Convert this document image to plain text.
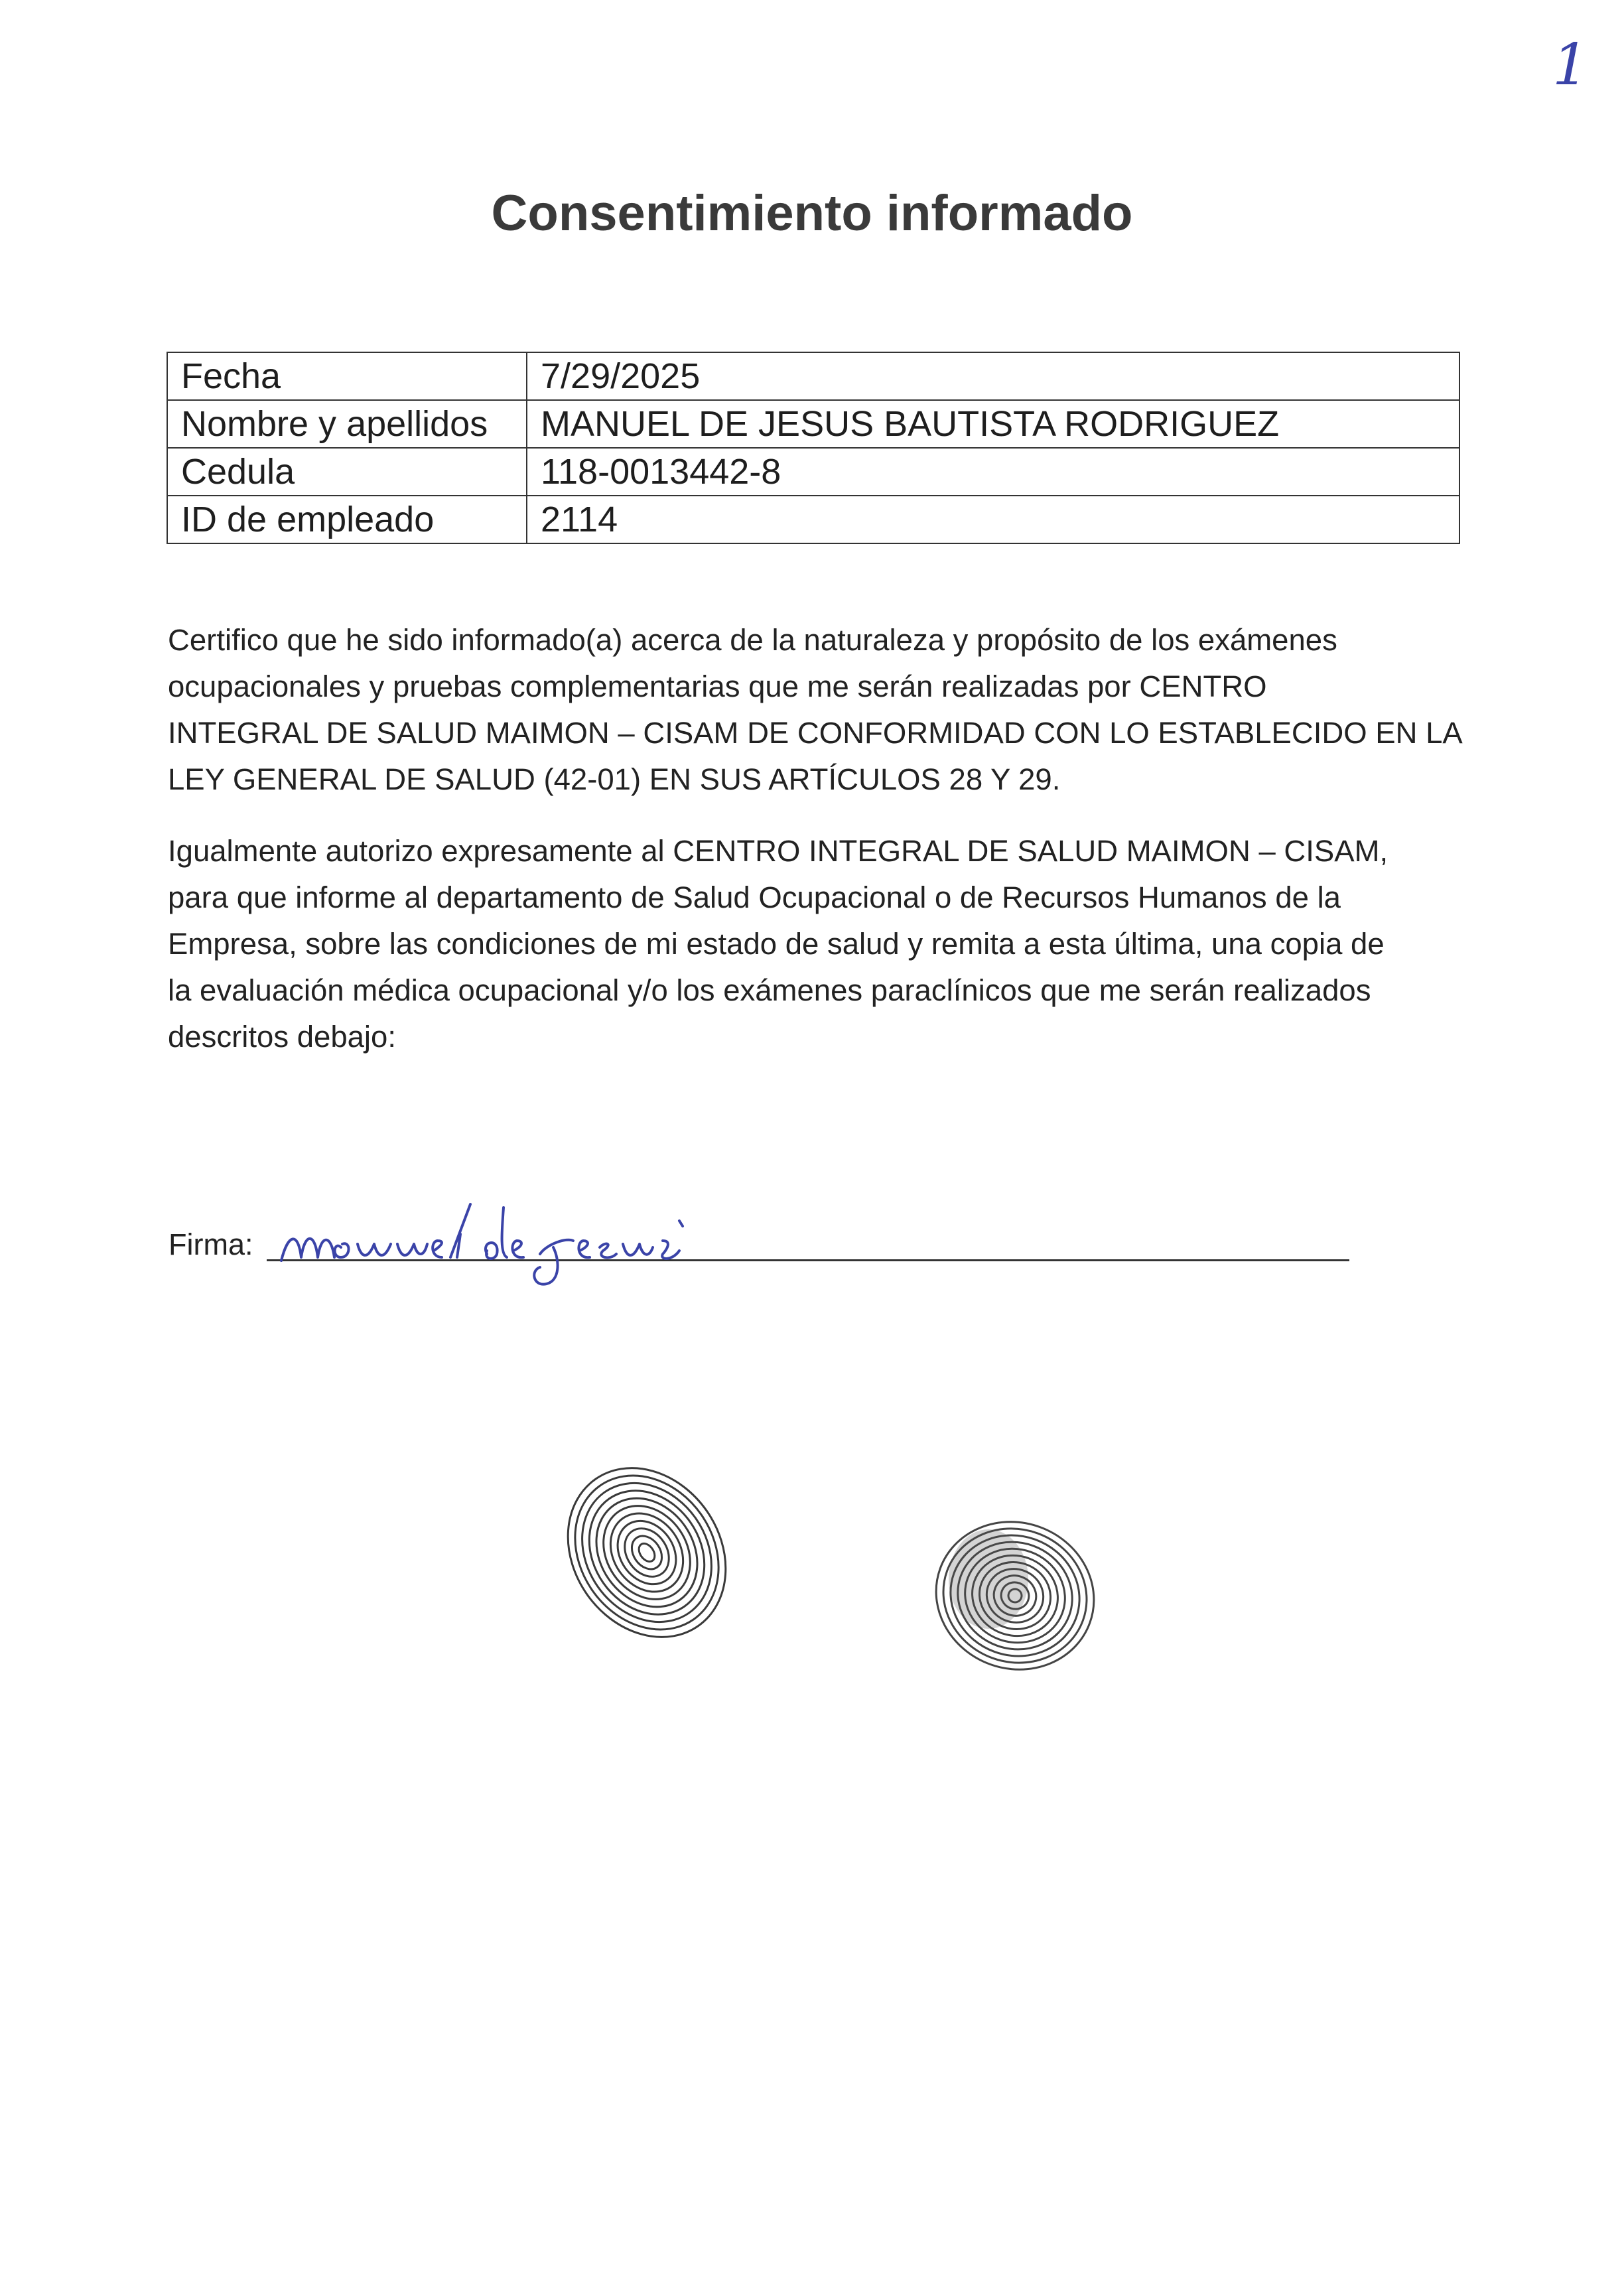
1
Consentimiento informado
Fecha	7/29/2025
Nombre y apellidos	MANUEL DE JESUS BAUTISTA RODRIGUEZ
Cedula	118-0013442-8
ID de empleado	2114
Certifico que he sido informado(a) acerca de la naturaleza y propósito de los exámenes
ocupacionales y pruebas complementarias que me serán realizadas por CENTRO
INTEGRAL DE SALUD MAIMON – CISAM DE CONFORMIDAD CON LO ESTABLECIDO EN LA
LEY GENERAL DE SALUD (42-01) EN SUS ARTÍCULOS 28 Y 29.
Igualmente autorizo expresamente al CENTRO INTEGRAL DE SALUD MAIMON – CISAM,
para que informe al departamento de Salud Ocupacional o de Recursos Humanos de la
Empresa, sobre las condiciones de mi estado de salud y remita a esta última, una copia de
la evaluación médica ocupacional y/o los exámenes paraclínicos que me serán realizados
descritos debajo:
Firma:
